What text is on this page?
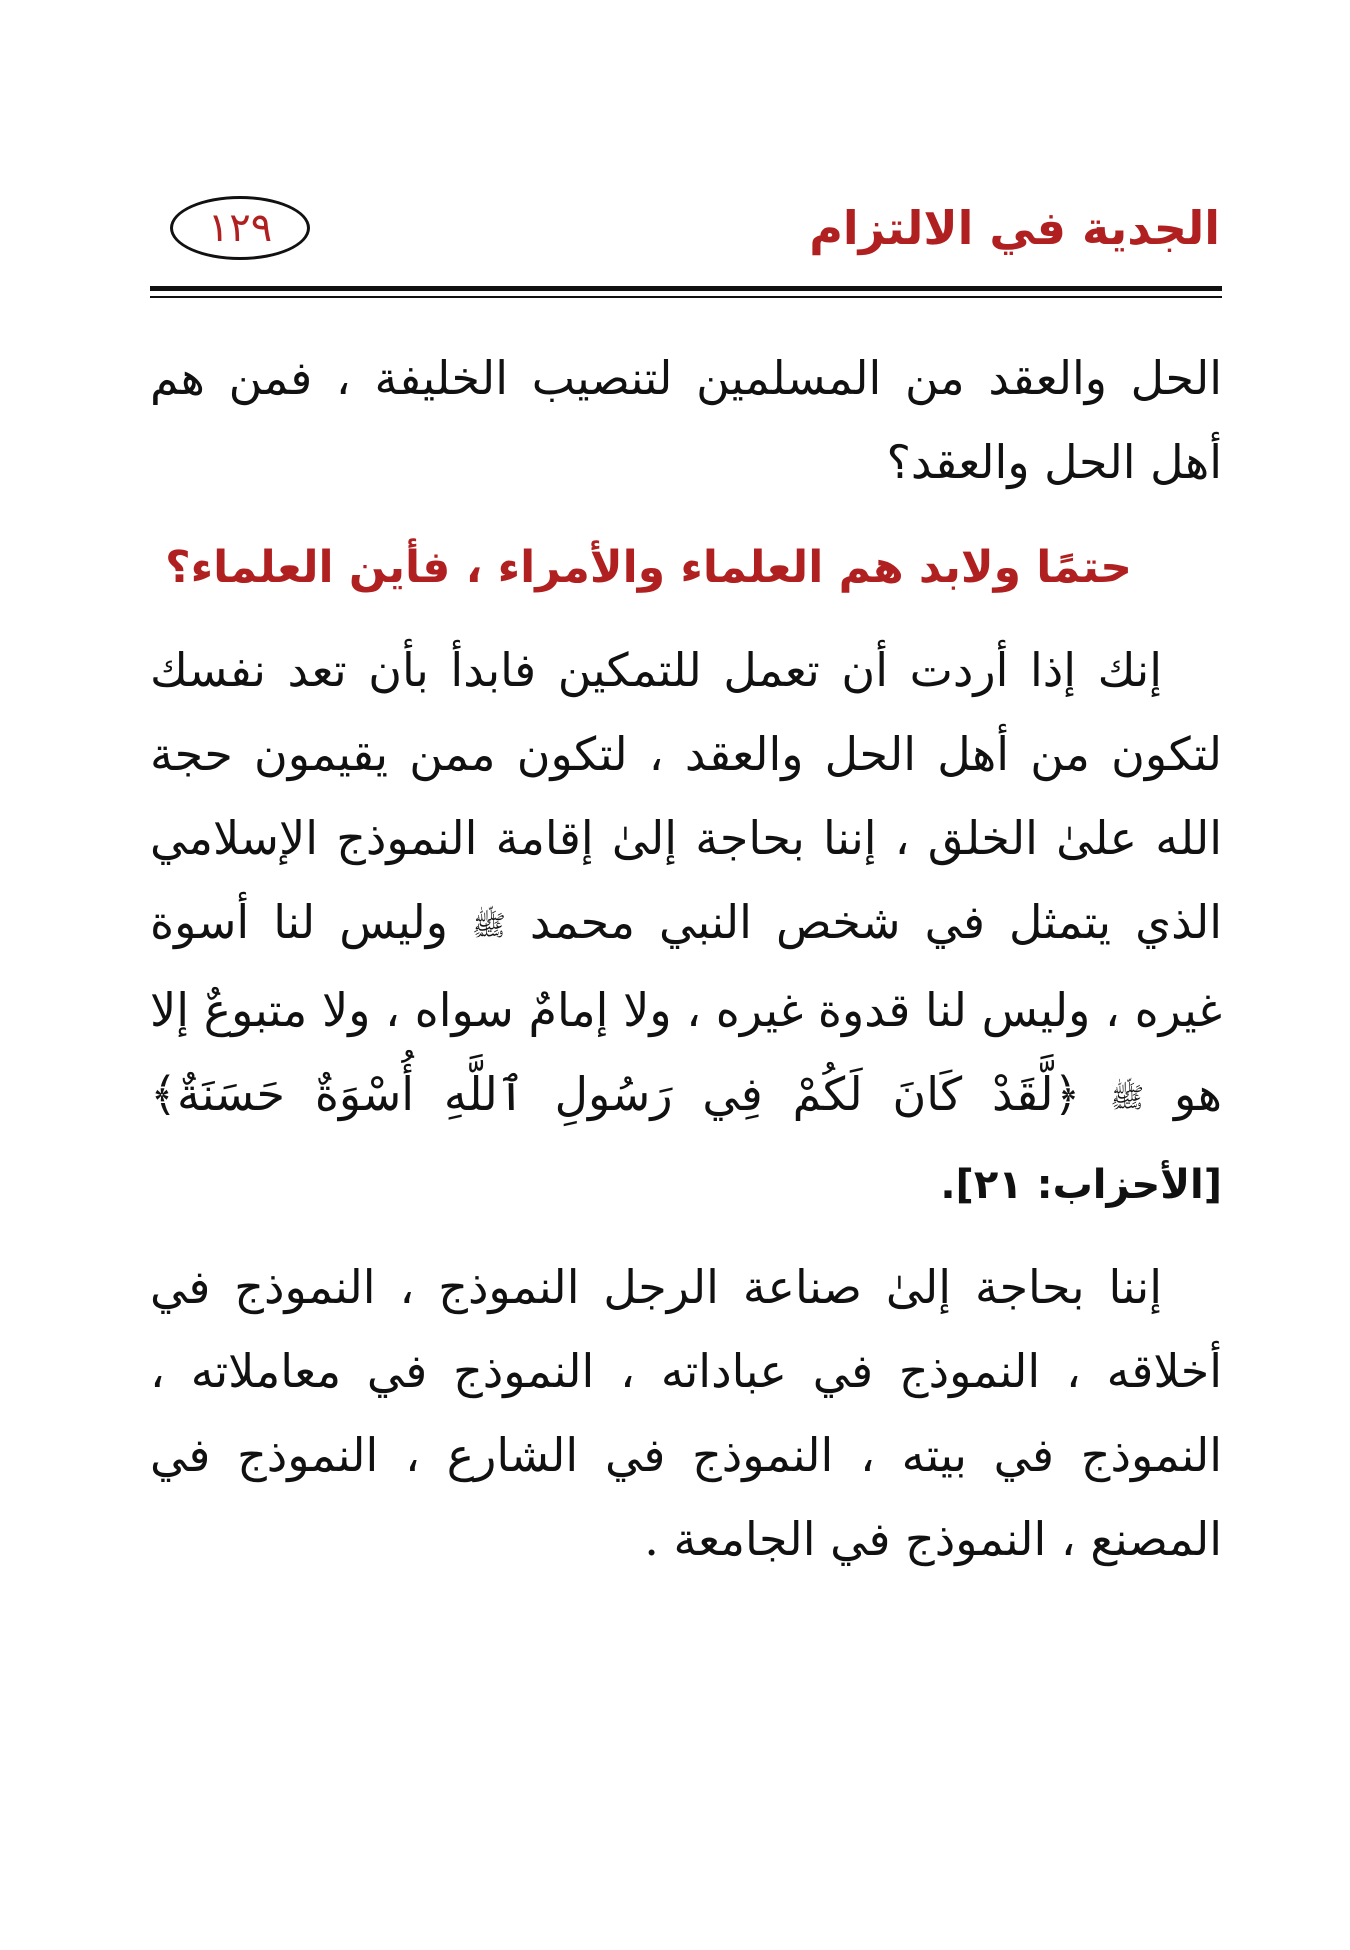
الجدية في الالتزام
١٢٩

الحل والعقد من المسلمين لتنصيب الخليفة ، فمن هم أهل الحل والعقد؟

حتمًا ولابد هم العلماء والأمراء ، فأين العلماء؟

إنك إذا أردت أن تعمل للتمكين فابدأ بأن تعد نفسك لتكون من أهل الحل والعقد ، لتكون ممن يقيمون حجة الله علىٰ الخلق ، إننا بحاجة إلىٰ إقامة النموذج الإسلامي الذي يتمثل في شخص النبي محمد ﷺ وليس لنا أسوة غيره ، وليس لنا قدوة غيره ، ولا إمامٌ سواه ، ولا متبوعٌ إلا هو ﷺ ﴿لَّقَدْ كَانَ لَكُمْ فِي رَسُولِ ٱللَّهِ أُسْوَةٌ حَسَنَةٌ﴾ [الأحزاب: ٢١].

إننا بحاجة إلىٰ صناعة الرجل النموذج ، النموذج في أخلاقه ، النموذج في عباداته ، النموذج في معاملاته ، النموذج في بيته ، النموذج في الشارع ، النموذج في المصنع ، النموذج في الجامعة .
